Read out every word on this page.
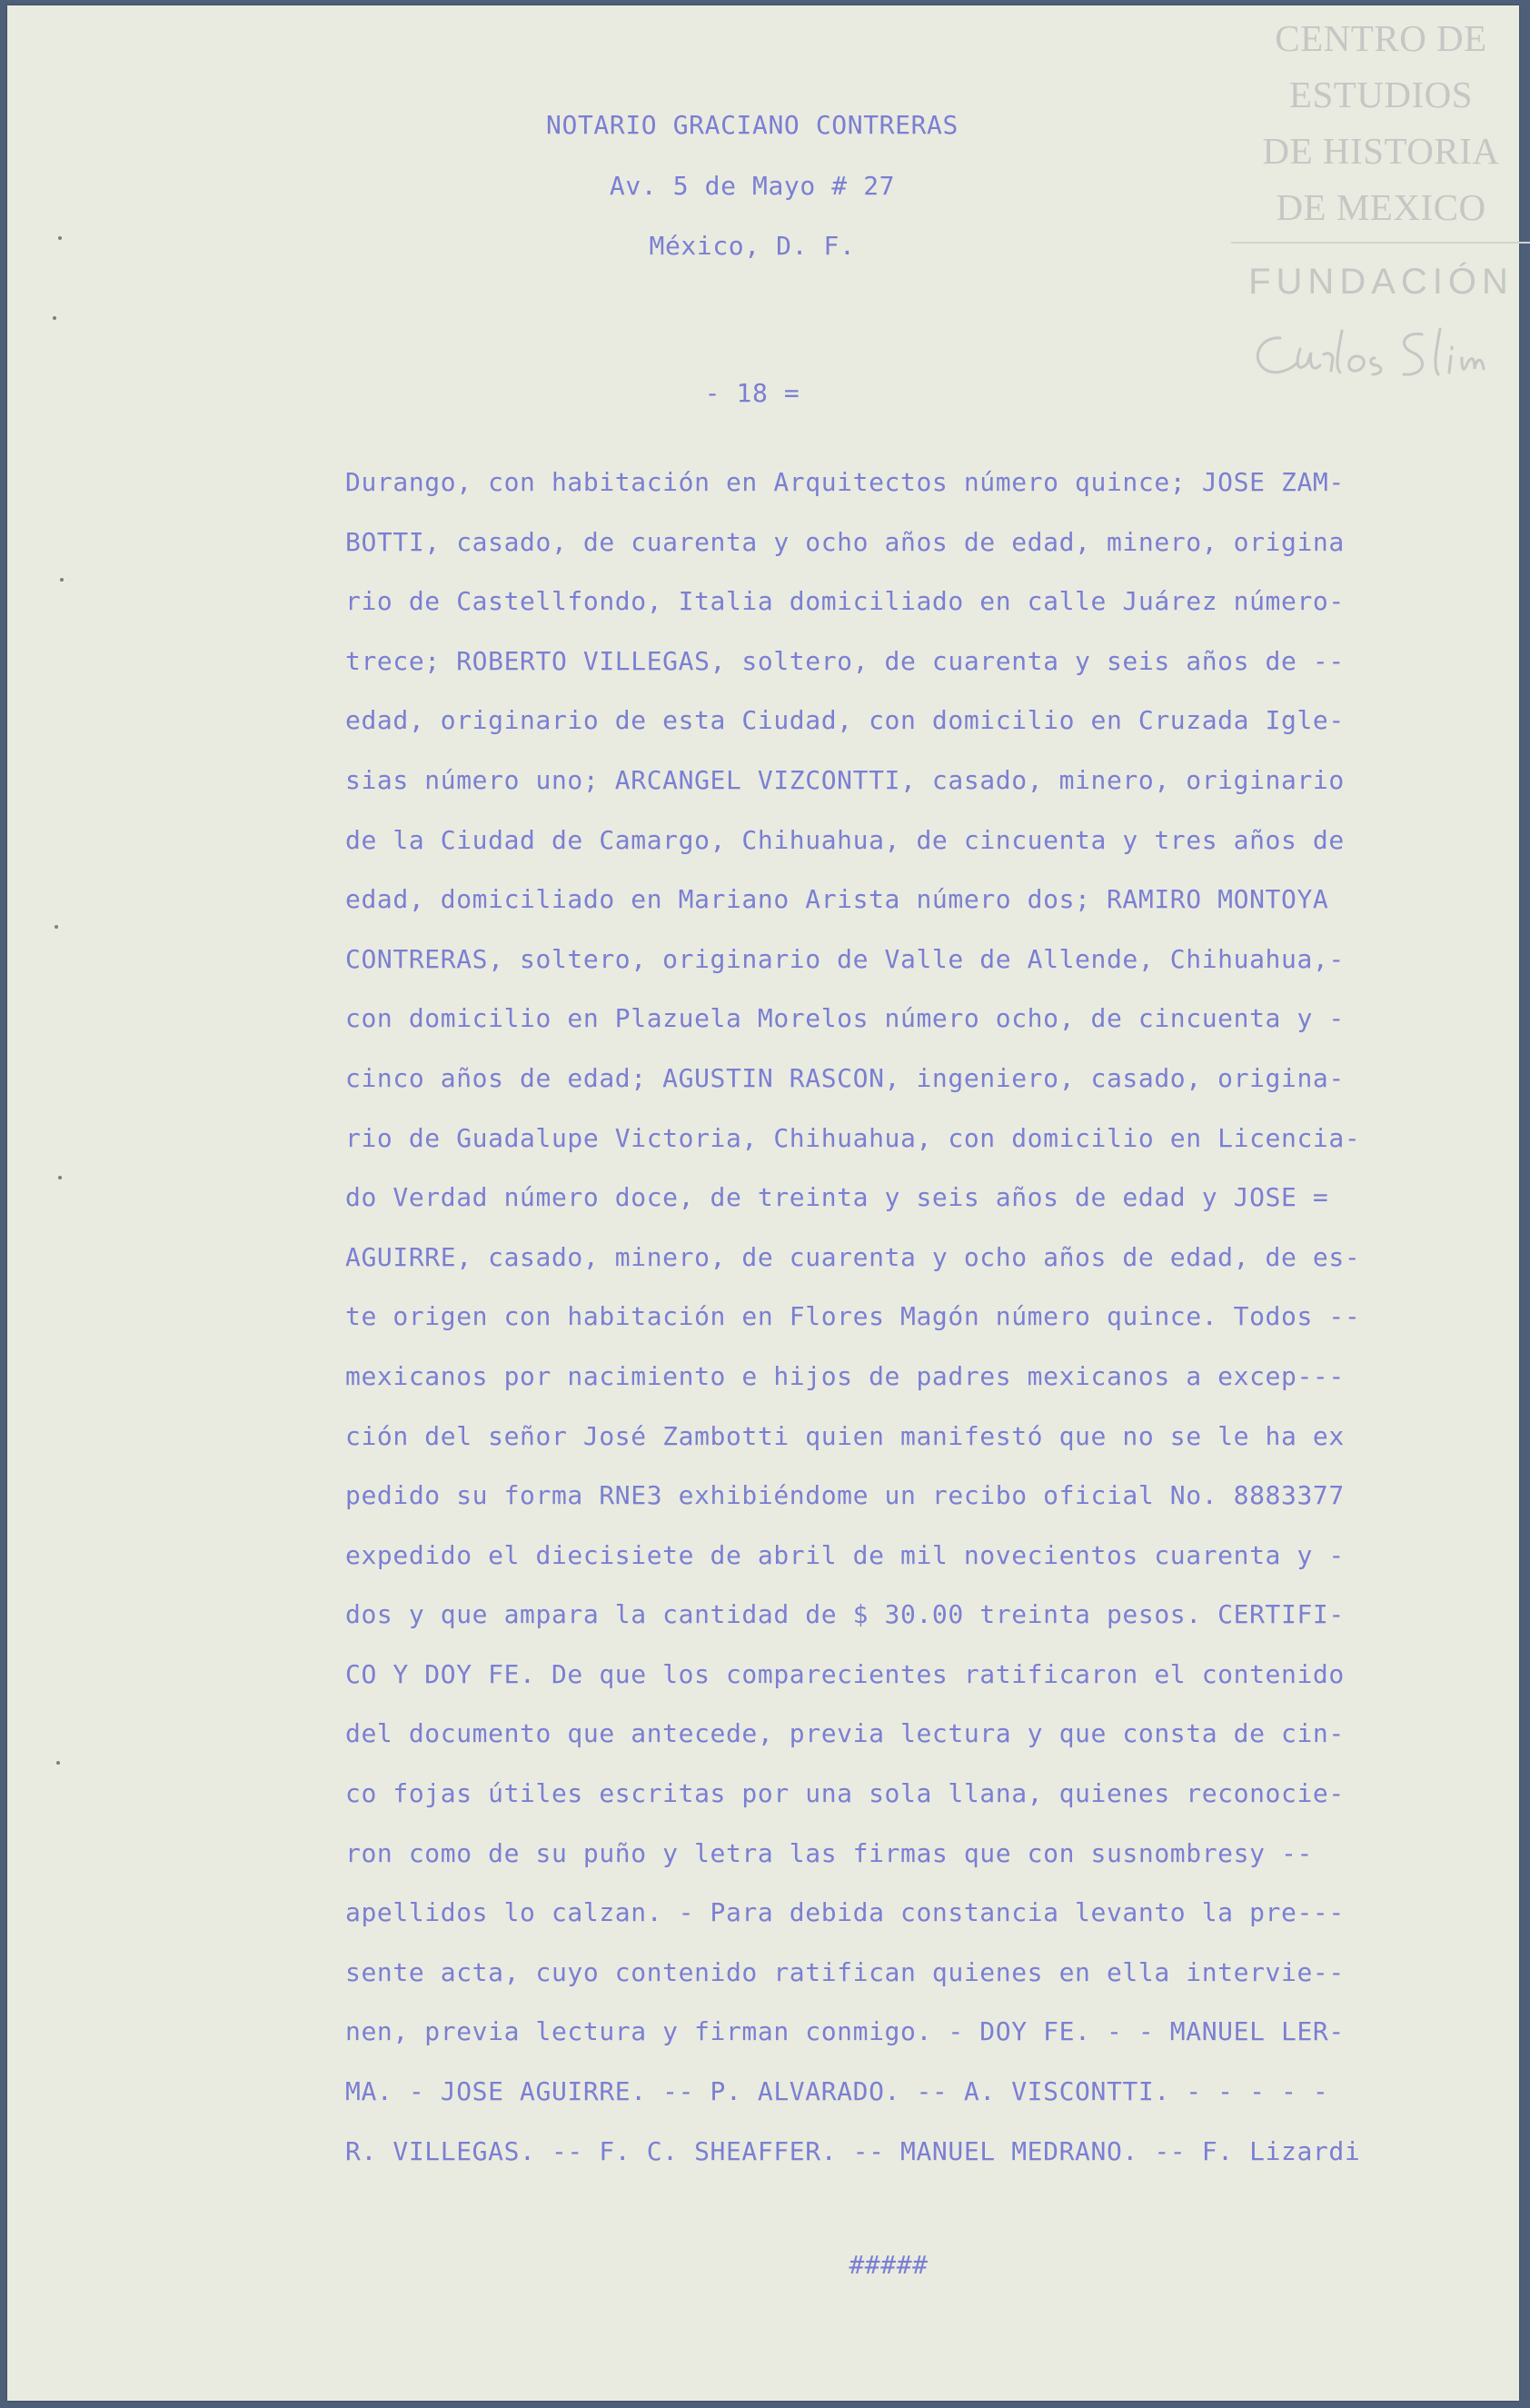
CENTRO DE
ESTUDIOS
DE HISTORIA
DE MEXICO
FUNDACIÓN
NOTARIO GRACIANO CONTRERAS
Av. 5 de Mayo # 27
México, D. F.
- 18 =
Durango, con habitación en Arquitectos número quince; JOSE ZAM-
BOTTI, casado, de cuarenta y ocho años de edad, minero, origina
rio de Castellfondo, Italia domiciliado en calle Juárez número-
trece; ROBERTO VILLEGAS, soltero, de cuarenta y seis años de --
edad, originario de esta Ciudad, con domicilio en Cruzada Igle-
sias número uno; ARCANGEL VIZCONTTI, casado, minero, originario
de la Ciudad de Camargo, Chihuahua, de cincuenta y tres años de
edad, domiciliado en Mariano Arista número dos; RAMIRO MONTOYA
CONTRERAS, soltero, originario de Valle de Allende, Chihuahua,-
con domicilio en Plazuela Morelos número ocho, de cincuenta y -
cinco años de edad; AGUSTIN RASCON, ingeniero, casado, origina-
rio de Guadalupe Victoria, Chihuahua, con domicilio en Licencia-
do Verdad número doce, de treinta y seis años de edad y JOSE =
AGUIRRE, casado, minero, de cuarenta y ocho años de edad, de es-
te origen con habitación en Flores Magón número quince. Todos --
mexicanos por nacimiento e hijos de padres mexicanos a excep---
ción del señor José Zambotti quien manifestó que no se le ha ex
pedido su forma RNE3 exhibiéndome un recibo oficial No. 8883377
expedido el diecisiete de abril de mil novecientos cuarenta y -
dos y que ampara la cantidad de $ 30.00 treinta pesos. CERTIFI-
CO Y DOY FE. De que los comparecientes ratificaron el contenido
del documento que antecede, previa lectura y que consta de cin-
co fojas útiles escritas por una sola llana, quienes reconocie-
ron como de su puño y letra las firmas que con susnombresy --
apellidos lo calzan. - Para debida constancia levanto la pre---
sente acta, cuyo contenido ratifican quienes en ella intervie--
nen, previa lectura y firman conmigo. - DOY FE. - - MANUEL LER-
MA. - JOSE AGUIRRE. -- P. ALVARADO. -- A. VISCONTTI. - - - - -
R. VILLEGAS. -- F. C. SHEAFFER. -- MANUEL MEDRANO. -- F. Lizardi
#####
